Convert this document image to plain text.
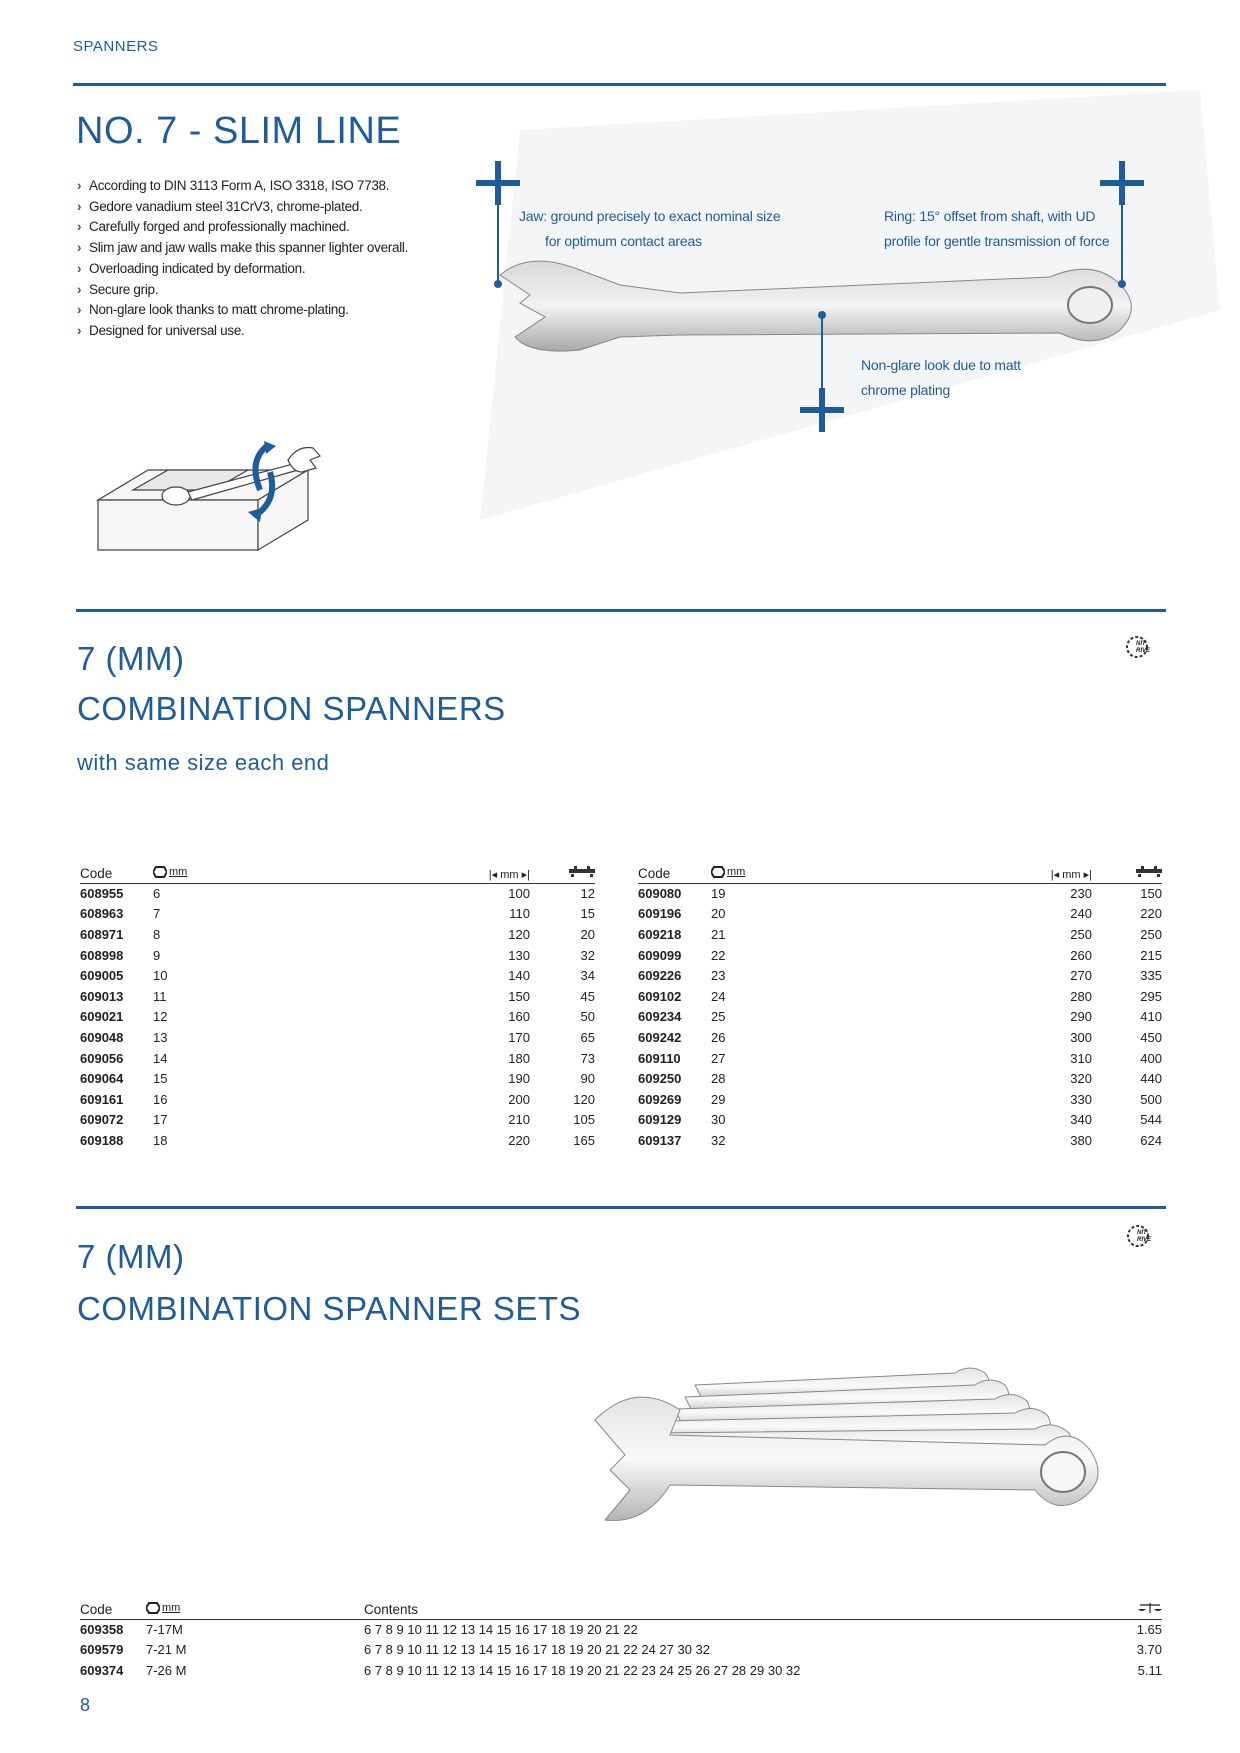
SPANNERS
NO. 7 - SLIM LINE
› According to DIN 3113 Form A, ISO 3318, ISO 7738.
› Gedore vanadium steel 31CrV3, chrome-plated.
› Carefully forged and professionally machined.
› Slim jaw and jaw walls make this spanner lighter overall.
› Overloading indicated by deformation.
› Secure grip.
› Non-glare look thanks to matt chrome-plating.
› Designed for universal use.
Jaw: ground precisely to exact nominal size
for optimum contact areas
Ring: 15° offset from shaft, with UD
profile for gentle transmission of force
Non-glare look due to matt
chrome plating
7 (MM)
COMBINATION SPANNERS
with same size each end
NIT
RIVE
Code	mm	|◂ mm ▸|	
608955	6	100	12
608963	7	110	15
608971	8	120	20
608998	9	130	32
609005	10	140	34
609013	11	150	45
609021	12	160	50
609048	13	170	65
609056	14	180	73
609064	15	190	90
609161	16	200	120
609072	17	210	105
609188	18	220	165
Code	mm	|◂ mm ▸|	
609080	19	230	150
609196	20	240	220
609218	21	250	250
609099	22	260	215
609226	23	270	335
609102	24	280	295
609234	25	290	410
609242	26	300	450
609110	27	310	400
609250	28	320	440
609269	29	330	500
609129	30	340	544
609137	32	380	624
7 (MM)
COMBINATION SPANNER SETS
NIT
RIVE
Code	mm	Contents	

609358	7-17M	6 7 8 9 10 11 12 13 14 15 16 17 18 19 20 21 22	1.65
609579	7-21 M	6 7 8 9 10 11 12 13 14 15 16 17 18 19 20 21 22 24 27 30 32	3.70
609374	7-26 M	6 7 8 9 10 11 12 13 14 15 16 17 18 19 20 21 22 23 24 25 26 27 28 29 30 32	5.11
8
